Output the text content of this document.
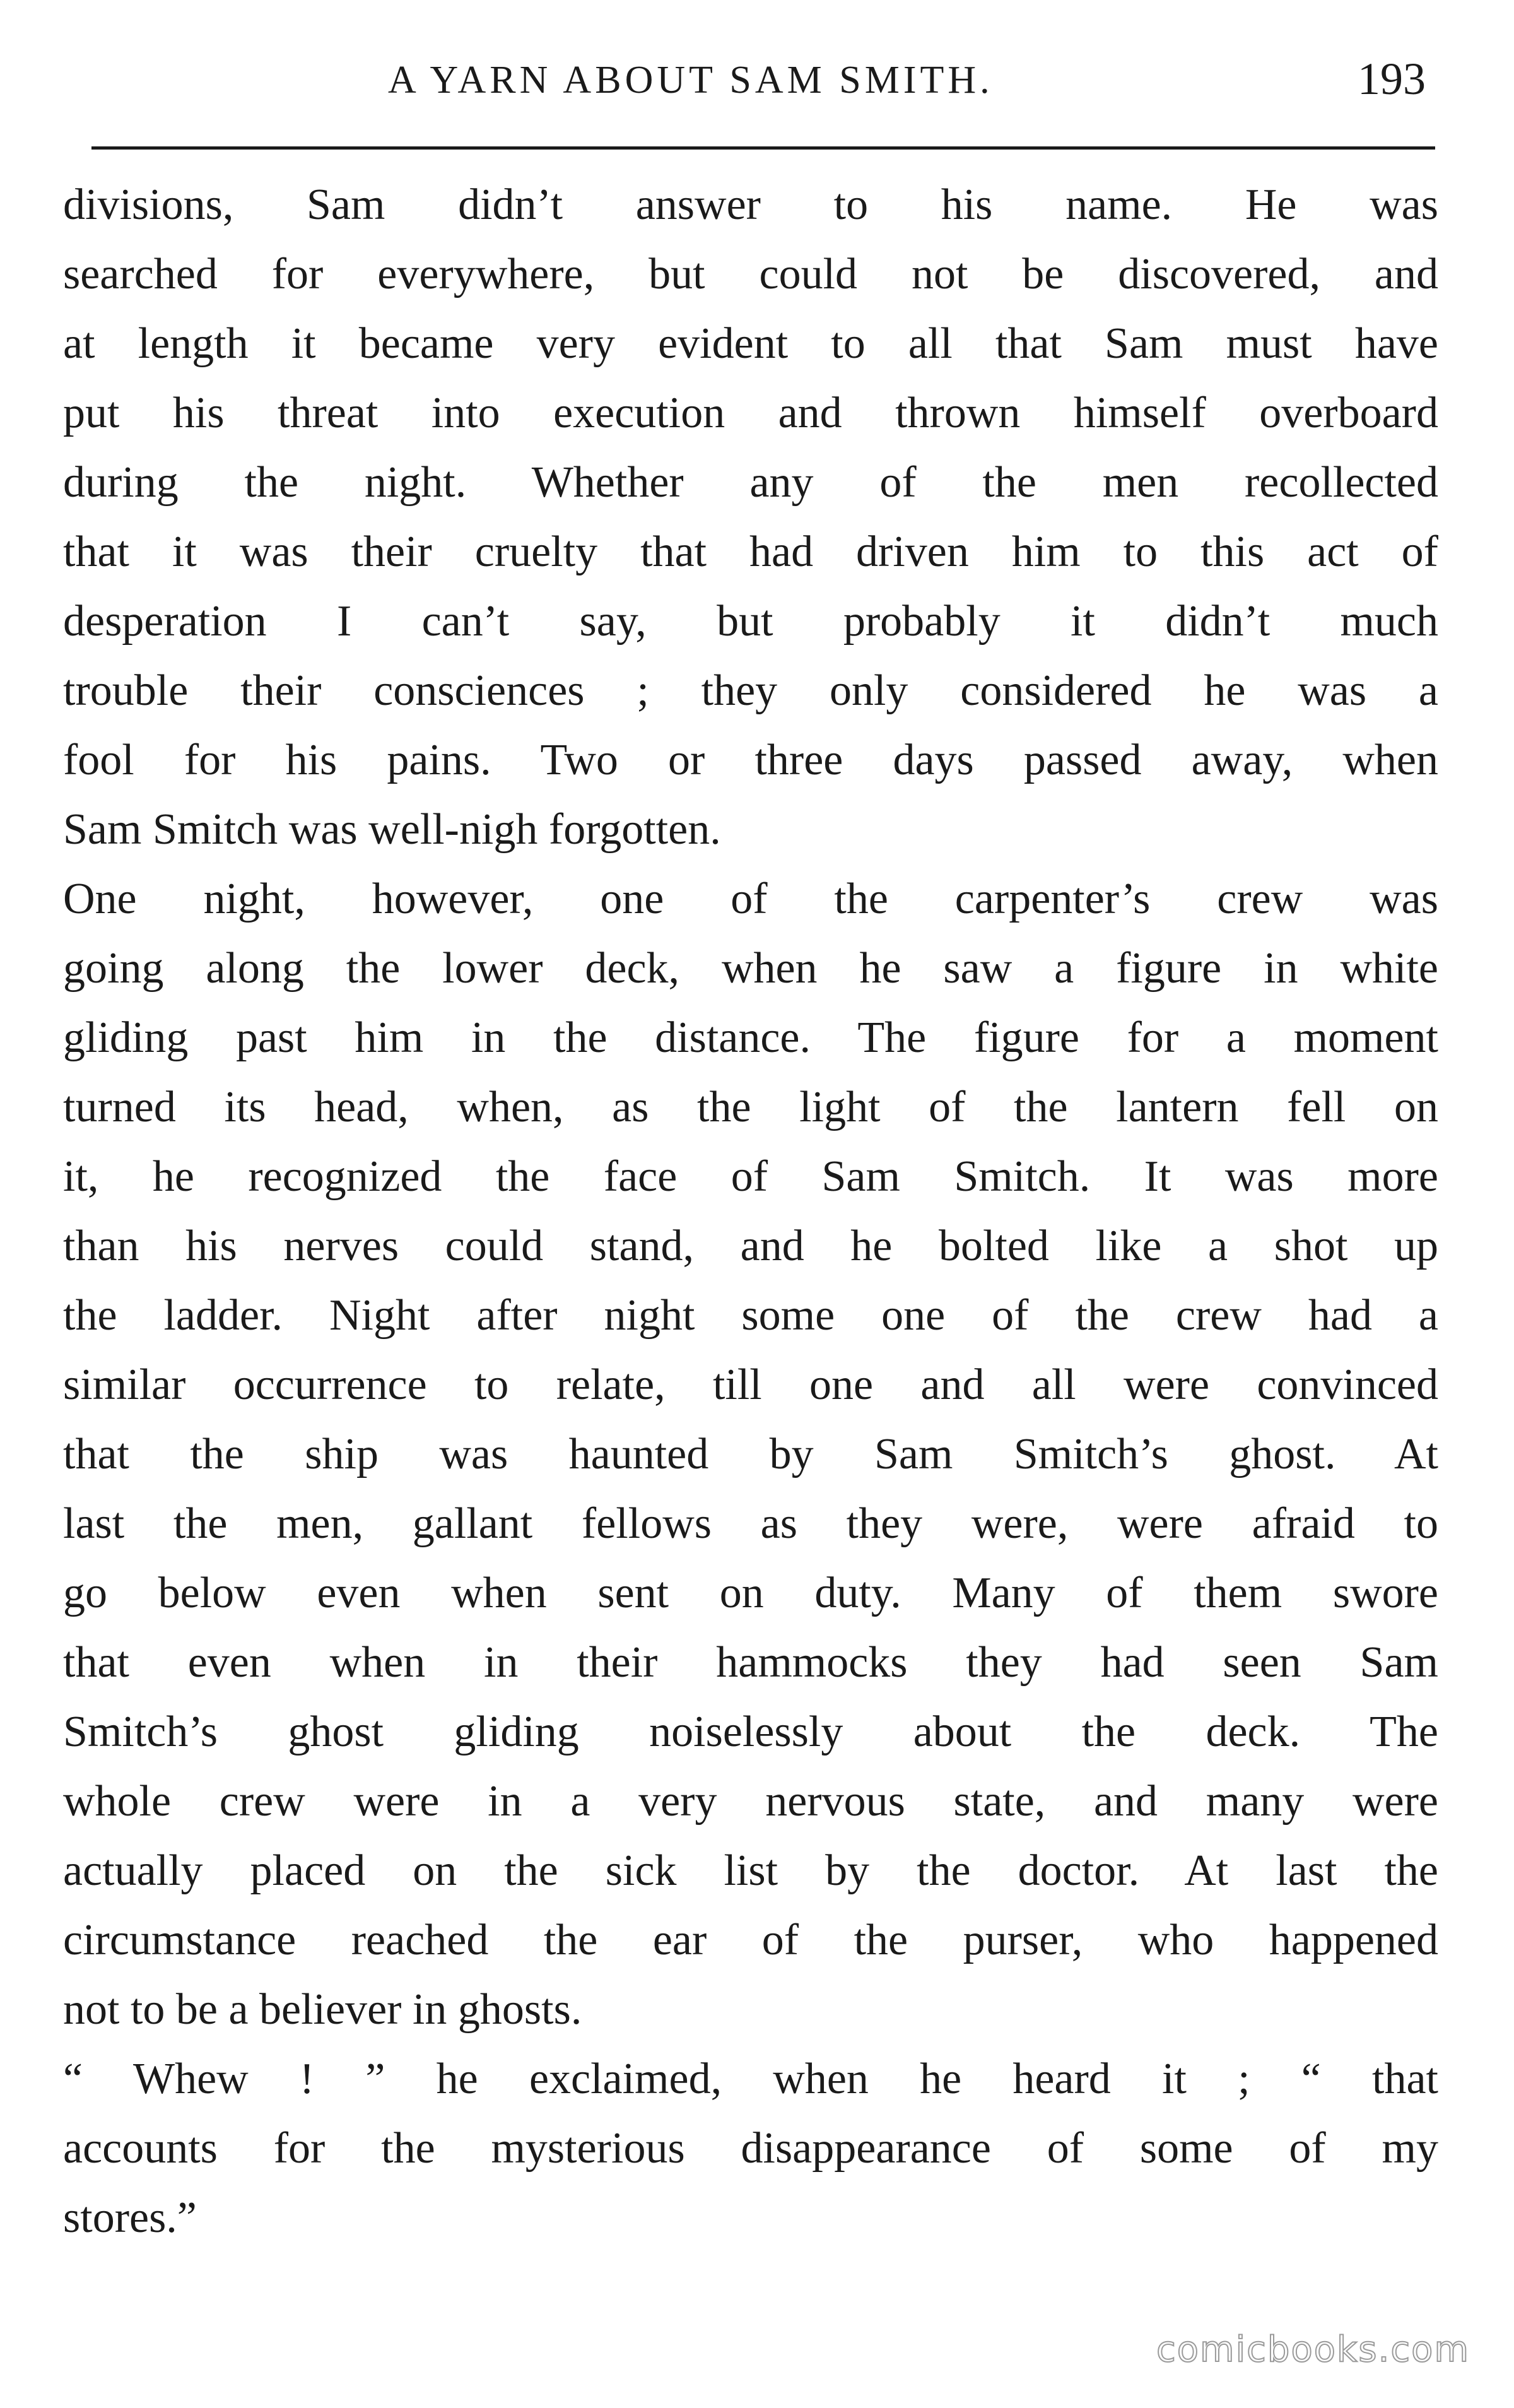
A YARN ABOUT SAM SMITH.	193
divisions, Sam didn’t answer to his name. He was
searched for everywhere, but could not be discovered, and
at length it became very evident to all that Sam must have
put his threat into execution and thrown himself overboard
during the night. Whether any of the men recollected
that it was their cruelty that had driven him to this act of
desperation I can’t say, but probably it didn’t much
trouble their consciences ; they only considered he was a
fool for his pains. Two or three days passed away, when
Sam Smitch was well-nigh forgotten.
One night, however, one of the carpenter’s crew was
going along the lower deck, when he saw a figure in white
gliding past him in the distance. The figure for a moment
turned its head, when, as the light of the lantern fell on
it, he recognized the face of Sam Smitch. It was more
than his nerves could stand, and he bolted like a shot up
the ladder. Night after night some one of the crew had a
similar occurrence to relate, till one and all were convinced
that the ship was haunted by Sam Smitch’s ghost. At
last the men, gallant fellows as they were, were afraid to
go below even when sent on duty. Many of them swore
that even when in their hammocks they had seen Sam
Smitch’s ghost gliding noiselessly about the deck. The
whole crew were in a very nervous state, and many were
actually placed on the sick list by the doctor. At last the
circumstance reached the ear of the purser, who happened
not to be a believer in ghosts.
“ Whew ! ” he exclaimed, when he heard it ; “ that
accounts for the mysterious disappearance of some of my
stores.”
comicbooks.com
